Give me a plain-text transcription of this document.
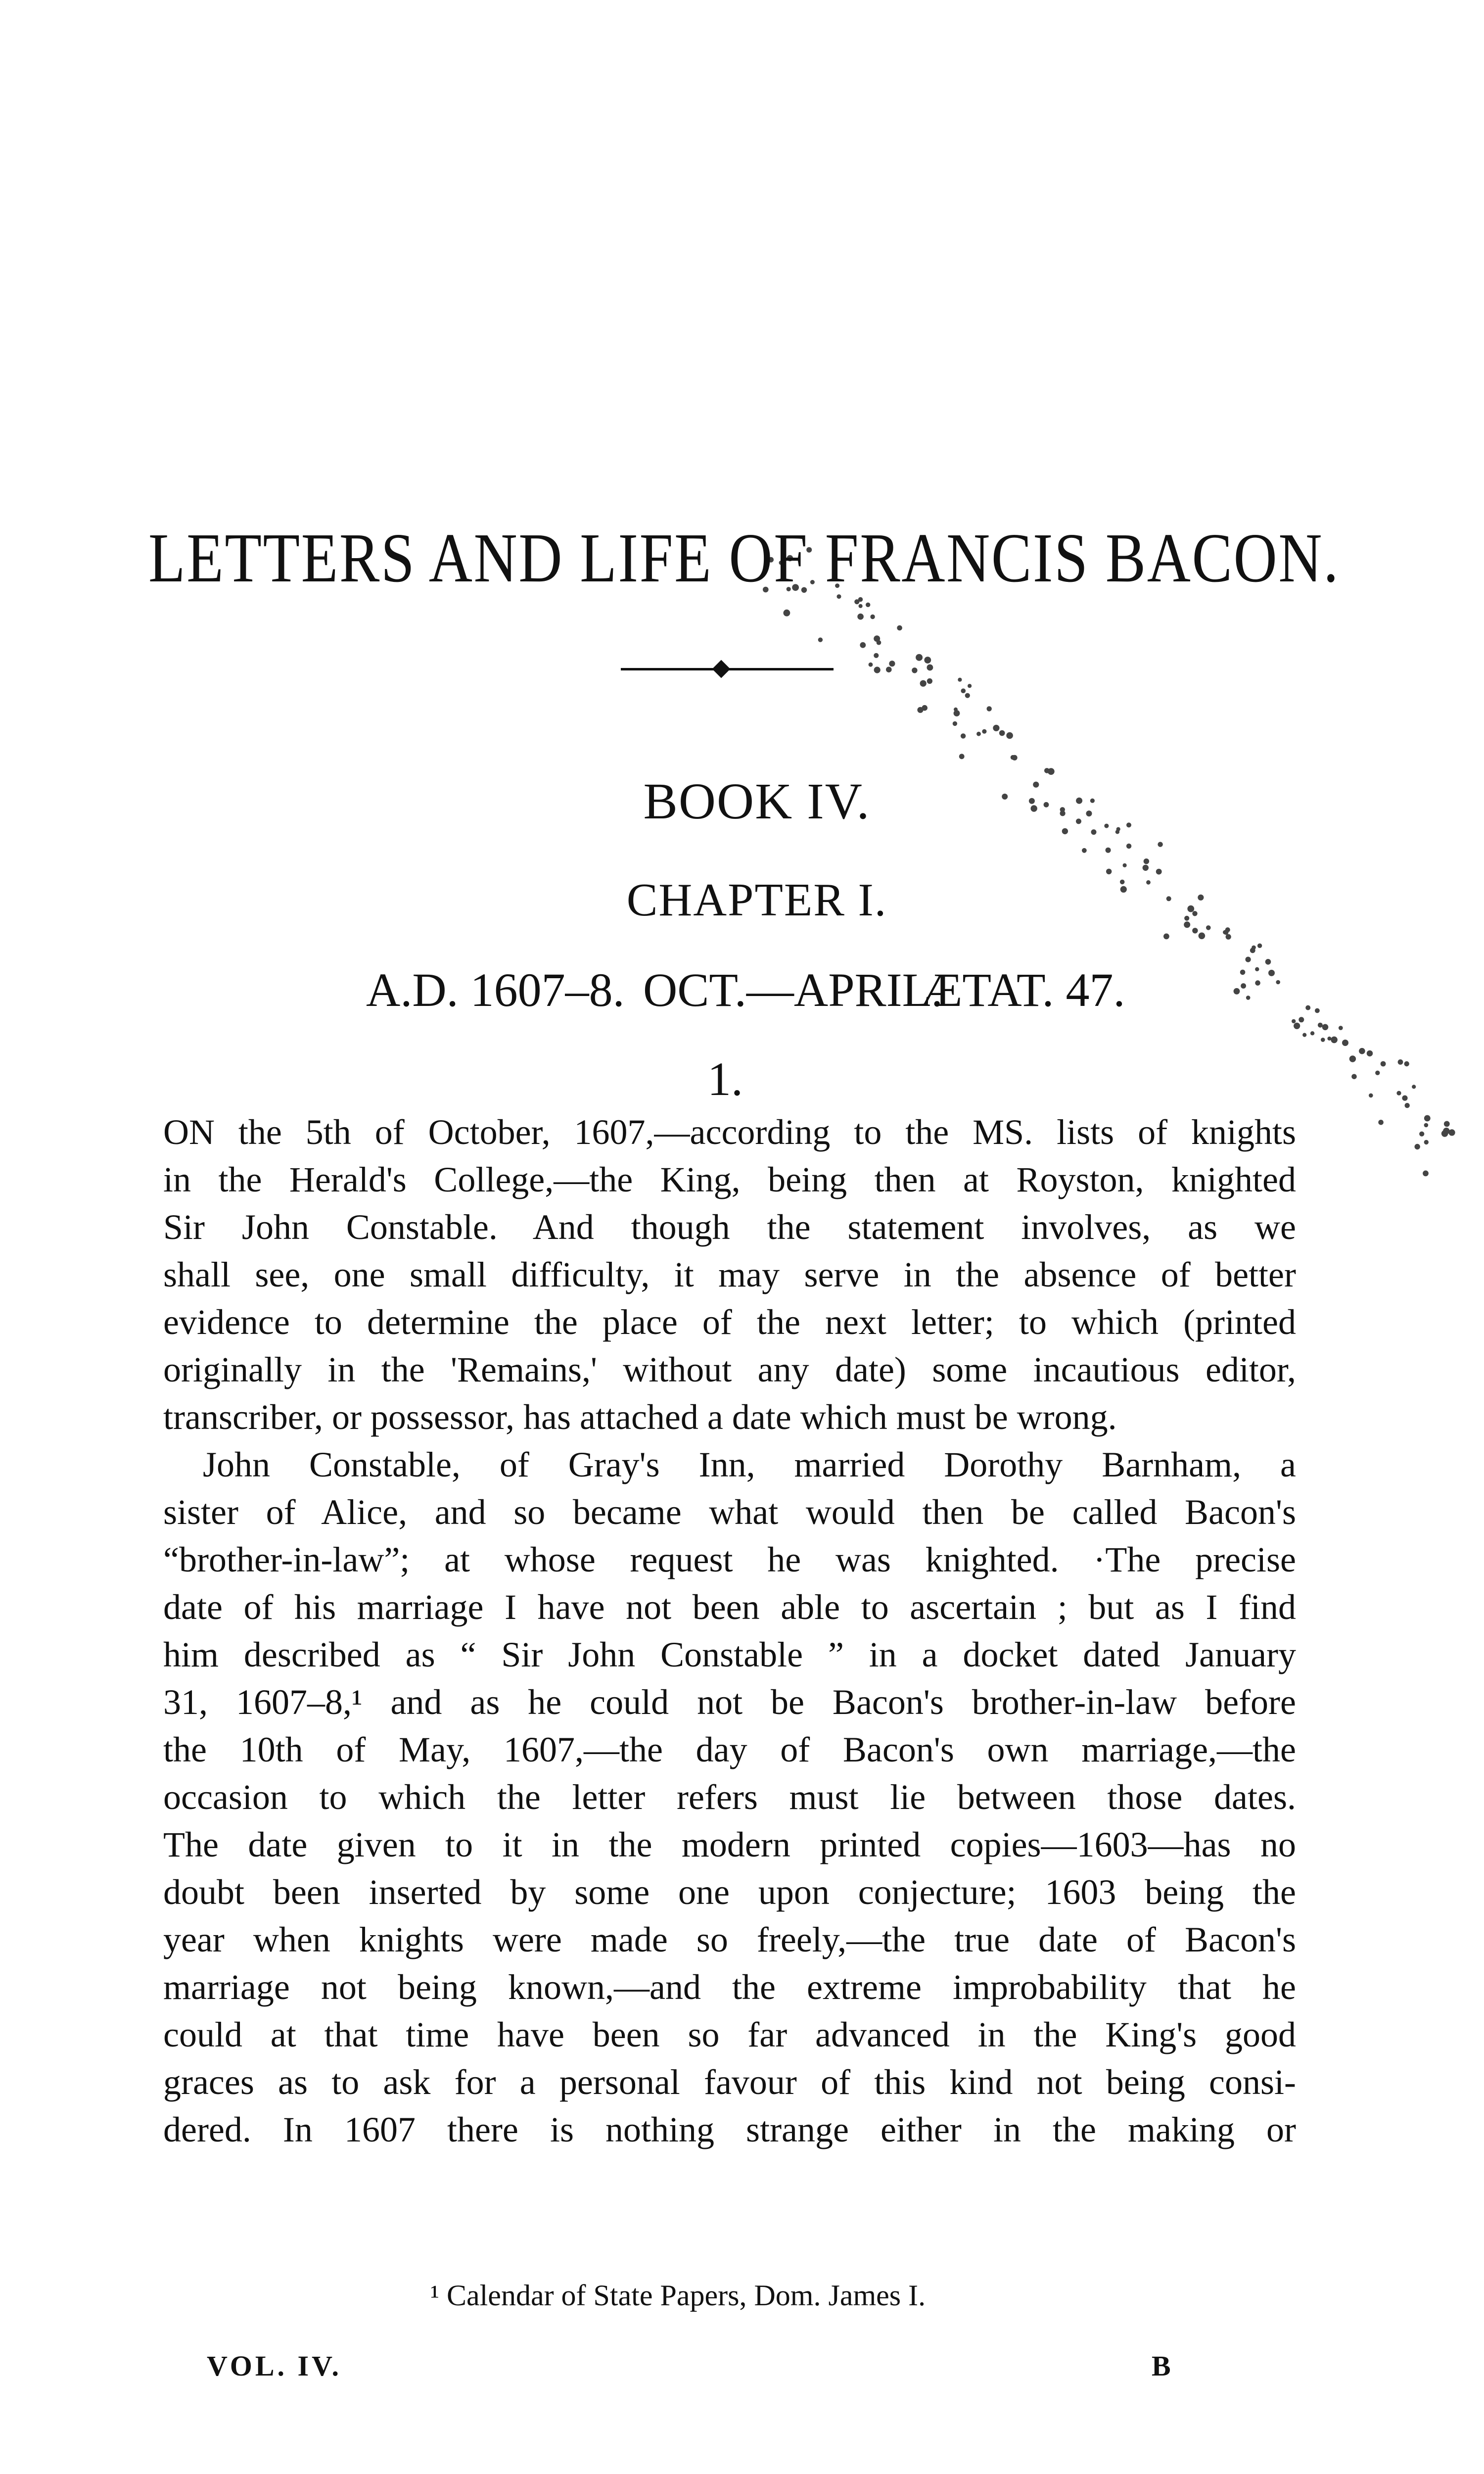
LETTERS AND LIFE OF FRANCIS BACON.
BOOK IV.
CHAPTER I.
A.D. 1607–8. OCT.—APRIL.
ÆTAT. 47.
1.
ON the 5th of October, 1607,—according to the MS. lists of knights
in the Herald's College,—the King, being then at Royston, knighted
Sir John Constable. And though the statement involves, as we
shall see, one small difficulty, it may serve in the absence of better
evidence to determine the place of the next letter; to which (printed
originally in the 'Remains,' without any date) some incautious editor,
transcriber, or possessor, has attached a date which must be wrong.
John Constable, of Gray's Inn, married Dorothy Barnham, a
sister of Alice, and so became what would then be called Bacon's
“brother-in-law”; at whose request he was knighted. ·The precise
date of his marriage I have not been able to ascertain ; but as I find
him described as “ Sir John Constable ” in a docket dated January
31, 1607–8,¹ and as he could not be Bacon's brother-in-law before
the 10th of May, 1607,—the day of Bacon's own marriage,—the
occasion to which the letter refers must lie between those dates.
The date given to it in the modern printed copies—1603—has no
doubt been inserted by some one upon conjecture; 1603 being the
year when knights were made so freely,—the true date of Bacon's
marriage not being known,—and the extreme improbability that he
could at that time have been so far advanced in the King's good
graces as to ask for a personal favour of this kind not being consi-
dered. In 1607 there is nothing strange either in the making or
¹ Calendar of State Papers, Dom. James I.
VOL. IV.	B
